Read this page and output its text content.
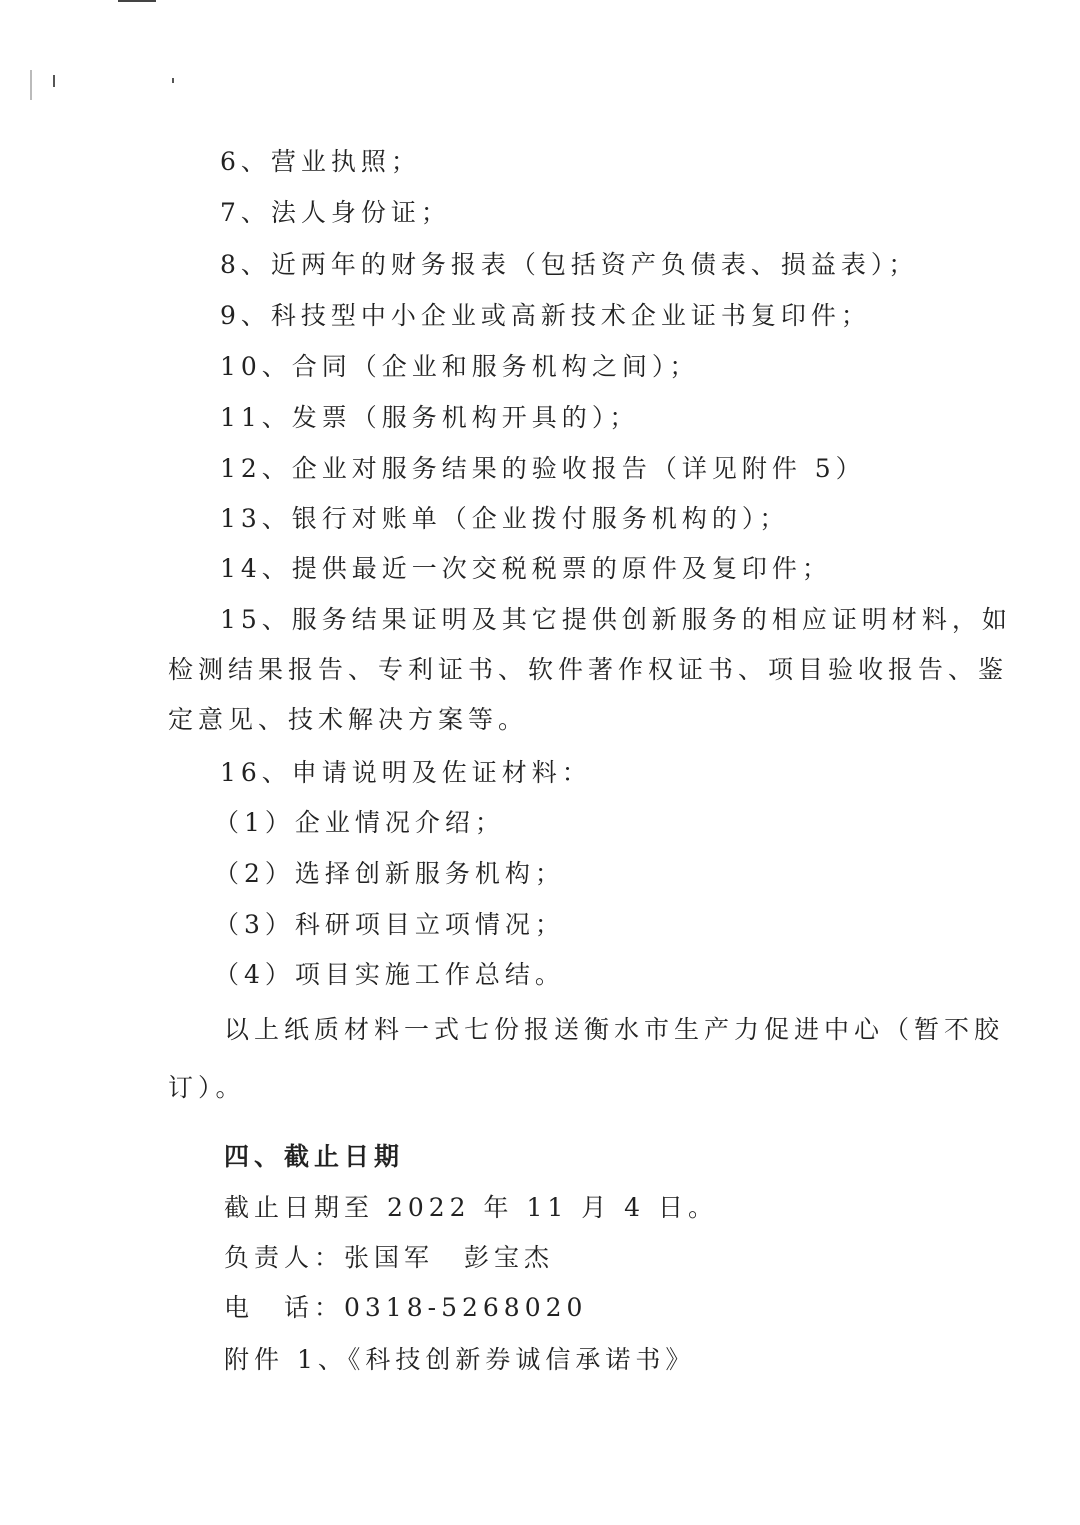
6、营业执照；
7、法人身份证；
8、近两年的财务报表（包括资产负债表、损益表）；
9、科技型中小企业或高新技术企业证书复印件；
10、合同（企业和服务机构之间）；
11、发票（服务机构开具的）；
12、企业对服务结果的验收报告（详见附件 5）
13、银行对账单（企业拨付服务机构的）；
14、提供最近一次交税税票的原件及复印件；
15、服务结果证明及其它提供创新服务的相应证明材料，如
检测结果报告、专利证书、软件著作权证书、项目验收报告、鉴
定意见、技术解决方案等。
16、申请说明及佐证材料：
（1）企业情况介绍；
（2）选择创新服务机构；
（3）科研项目立项情况；
（4）项目实施工作总结。
以上纸质材料一式七份报送衡水市生产力促进中心（暂不胶
订）。
四、截止日期
截止日期至 2022 年 11 月 4 日。
负责人：张国军　彭宝杰
电　话：0318-5268020
附件 1、《科技创新券诚信承诺书》
